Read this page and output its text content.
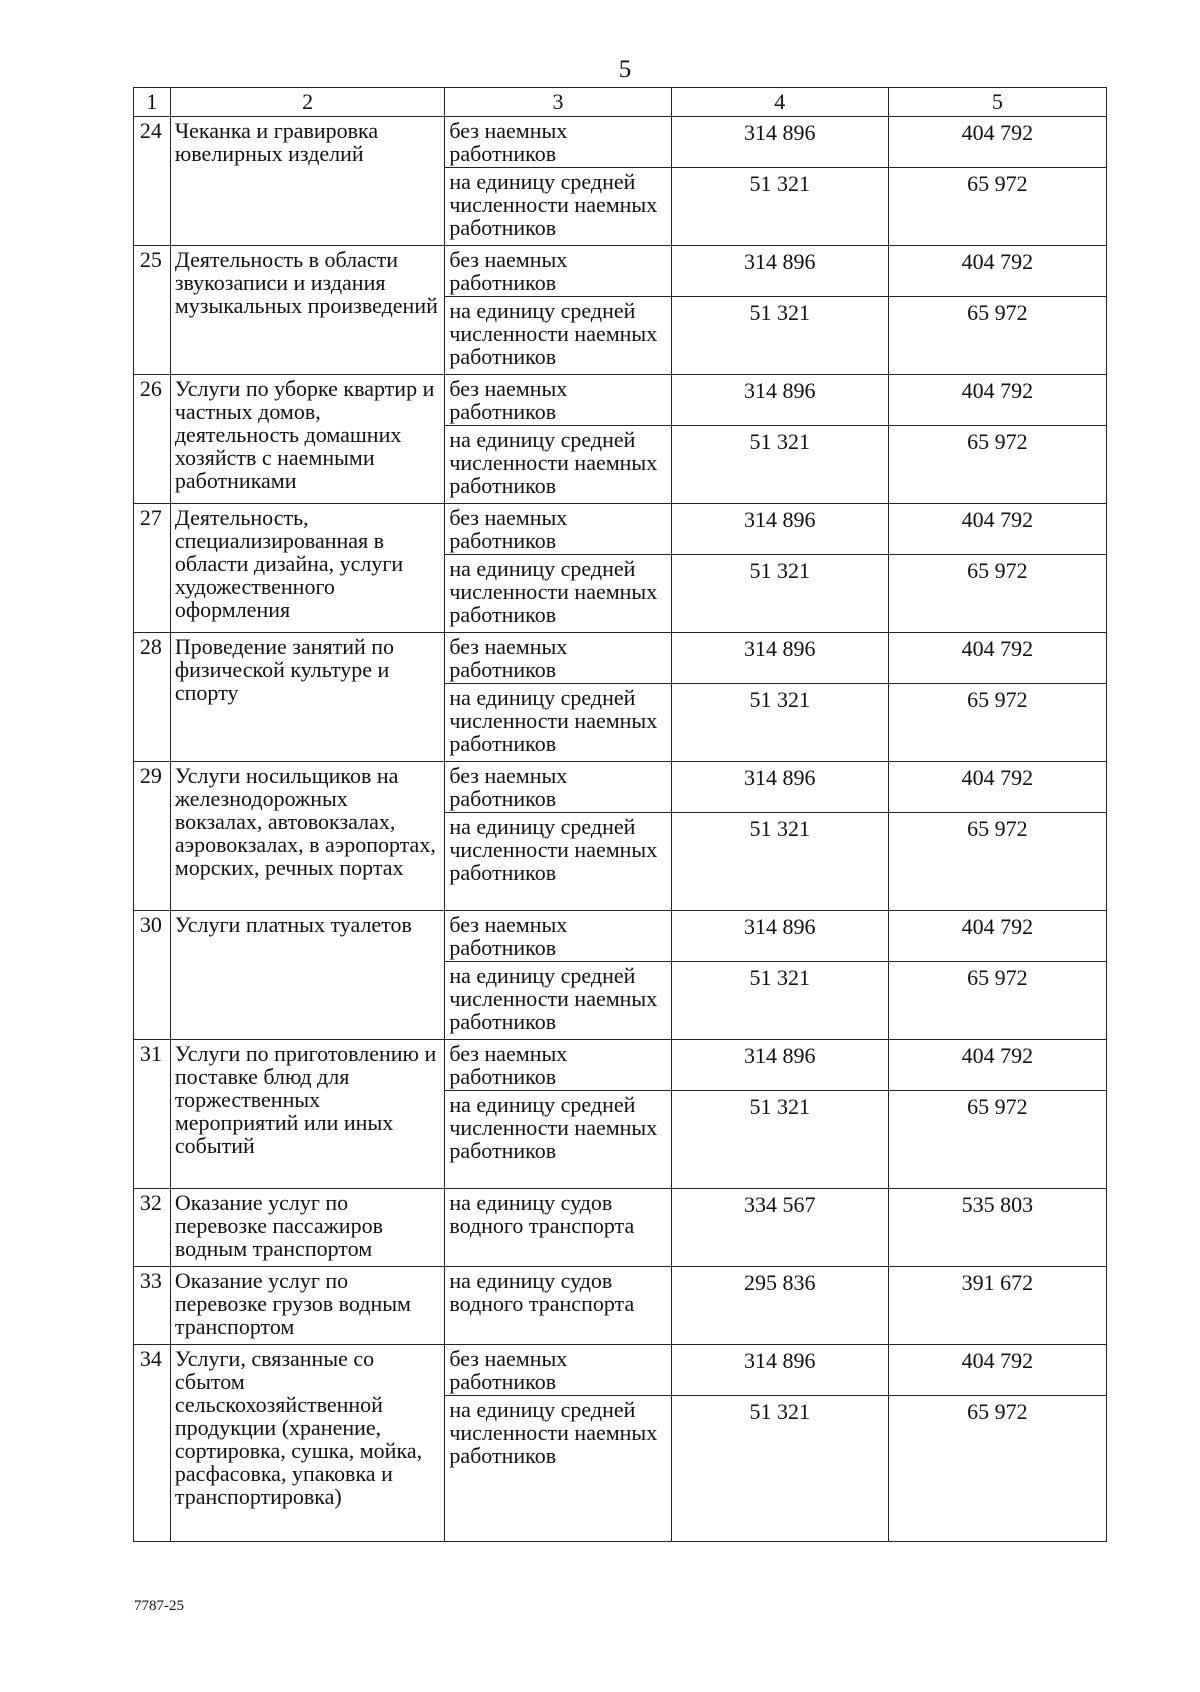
5
1	2	3	4	5
24	Чеканка и гравировка ювелирных изделий	без наемных работников	314 896	404 792
		на единицу средней численности наемных работников	51 321	65 972
25	Деятельность в области звукозаписи и издания музыкальных произведений	без наемных работников	314 896	404 792
		на единицу средней численности наемных работников	51 321	65 972
26	Услуги по уборке квартир и частных домов, деятельность домашних хозяйств с наемными работниками	без наемных работников	314 896	404 792
		на единицу средней численности наемных работников	51 321	65 972
27	Деятельность, специализированная в области дизайна, услуги художественного оформления	без наемных работников	314 896	404 792
		на единицу средней численности наемных работников	51 321	65 972
28	Проведение занятий по физической культуре и спорту	без наемных работников	314 896	404 792
		на единицу средней численности наемных работников	51 321	65 972
29	Услуги носильщиков на железнодорожных вокзалах, автовокзалах, аэровокзалах, в аэропортах, морских, речных портах	без наемных работников	314 896	404 792
		на единицу средней численности наемных работников	51 321	65 972
30	Услуги платных туалетов	без наемных работников	314 896	404 792
		на единицу средней численности наемных работников	51 321	65 972
31	Услуги по приготовлению и поставке блюд для торжественных мероприятий или иных событий	без наемных работников	314 896	404 792
		на единицу средней численности наемных работников	51 321	65 972
32	Оказание услуг по перевозке пассажиров водным транспортом	на единицу судов водного транспорта	334 567	535 803
33	Оказание услуг по перевозке грузов водным транспортом	на единицу судов водного транспорта	295 836	391 672
34	Услуги, связанные со сбытом сельскохозяйственной продукции (хранение, сортировка, сушка, мойка, расфасовка, упаковка и транспортировка)	без наемных работников	314 896	404 792
		на единицу средней численности наемных работников	51 321	65 972
7787-25
